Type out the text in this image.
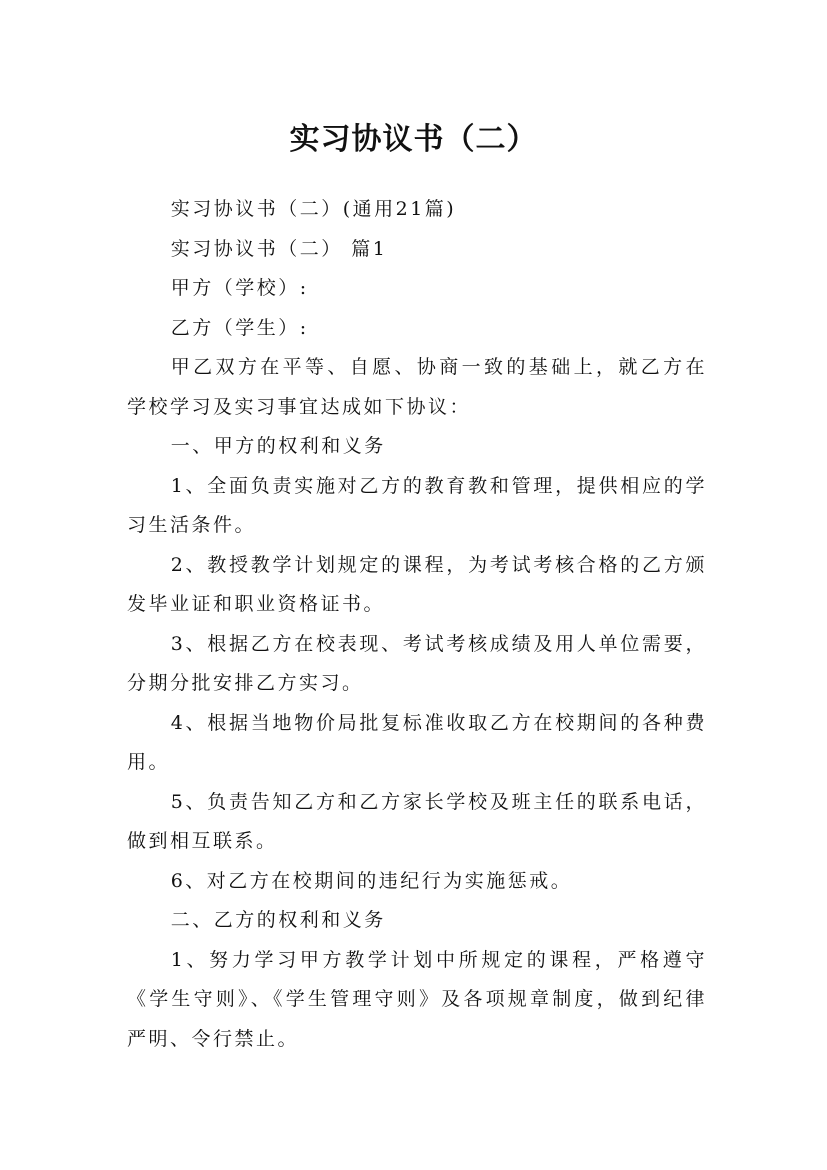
实习协议书（二）

实习协议书（二）(通用21篇)

实习协议书（二） 篇1

甲方（学校）:

乙方（学生）:

甲乙双方在平等、自愿、协商一致的基础上，就乙方在学校学习及实习事宜达成如下协议：

一、甲方的权利和义务

1、全面负责实施对乙方的教育教和管理，提供相应的学习生活条件。

2、教授教学计划规定的课程，为考试考核合格的乙方颁发毕业证和职业资格证书。

3、根据乙方在校表现、考试考核成绩及用人单位需要，分期分批安排乙方实习。

4、根据当地物价局批复标准收取乙方在校期间的各种费用。

5、负责告知乙方和乙方家长学校及班主任的联系电话，做到相互联系。

6、对乙方在校期间的违纪行为实施惩戒。

二、乙方的权利和义务

1、努力学习甲方教学计划中所规定的课程，严格遵守《学生守则》、《学生管理守则》及各项规章制度，做到纪律严明、令行禁止。
